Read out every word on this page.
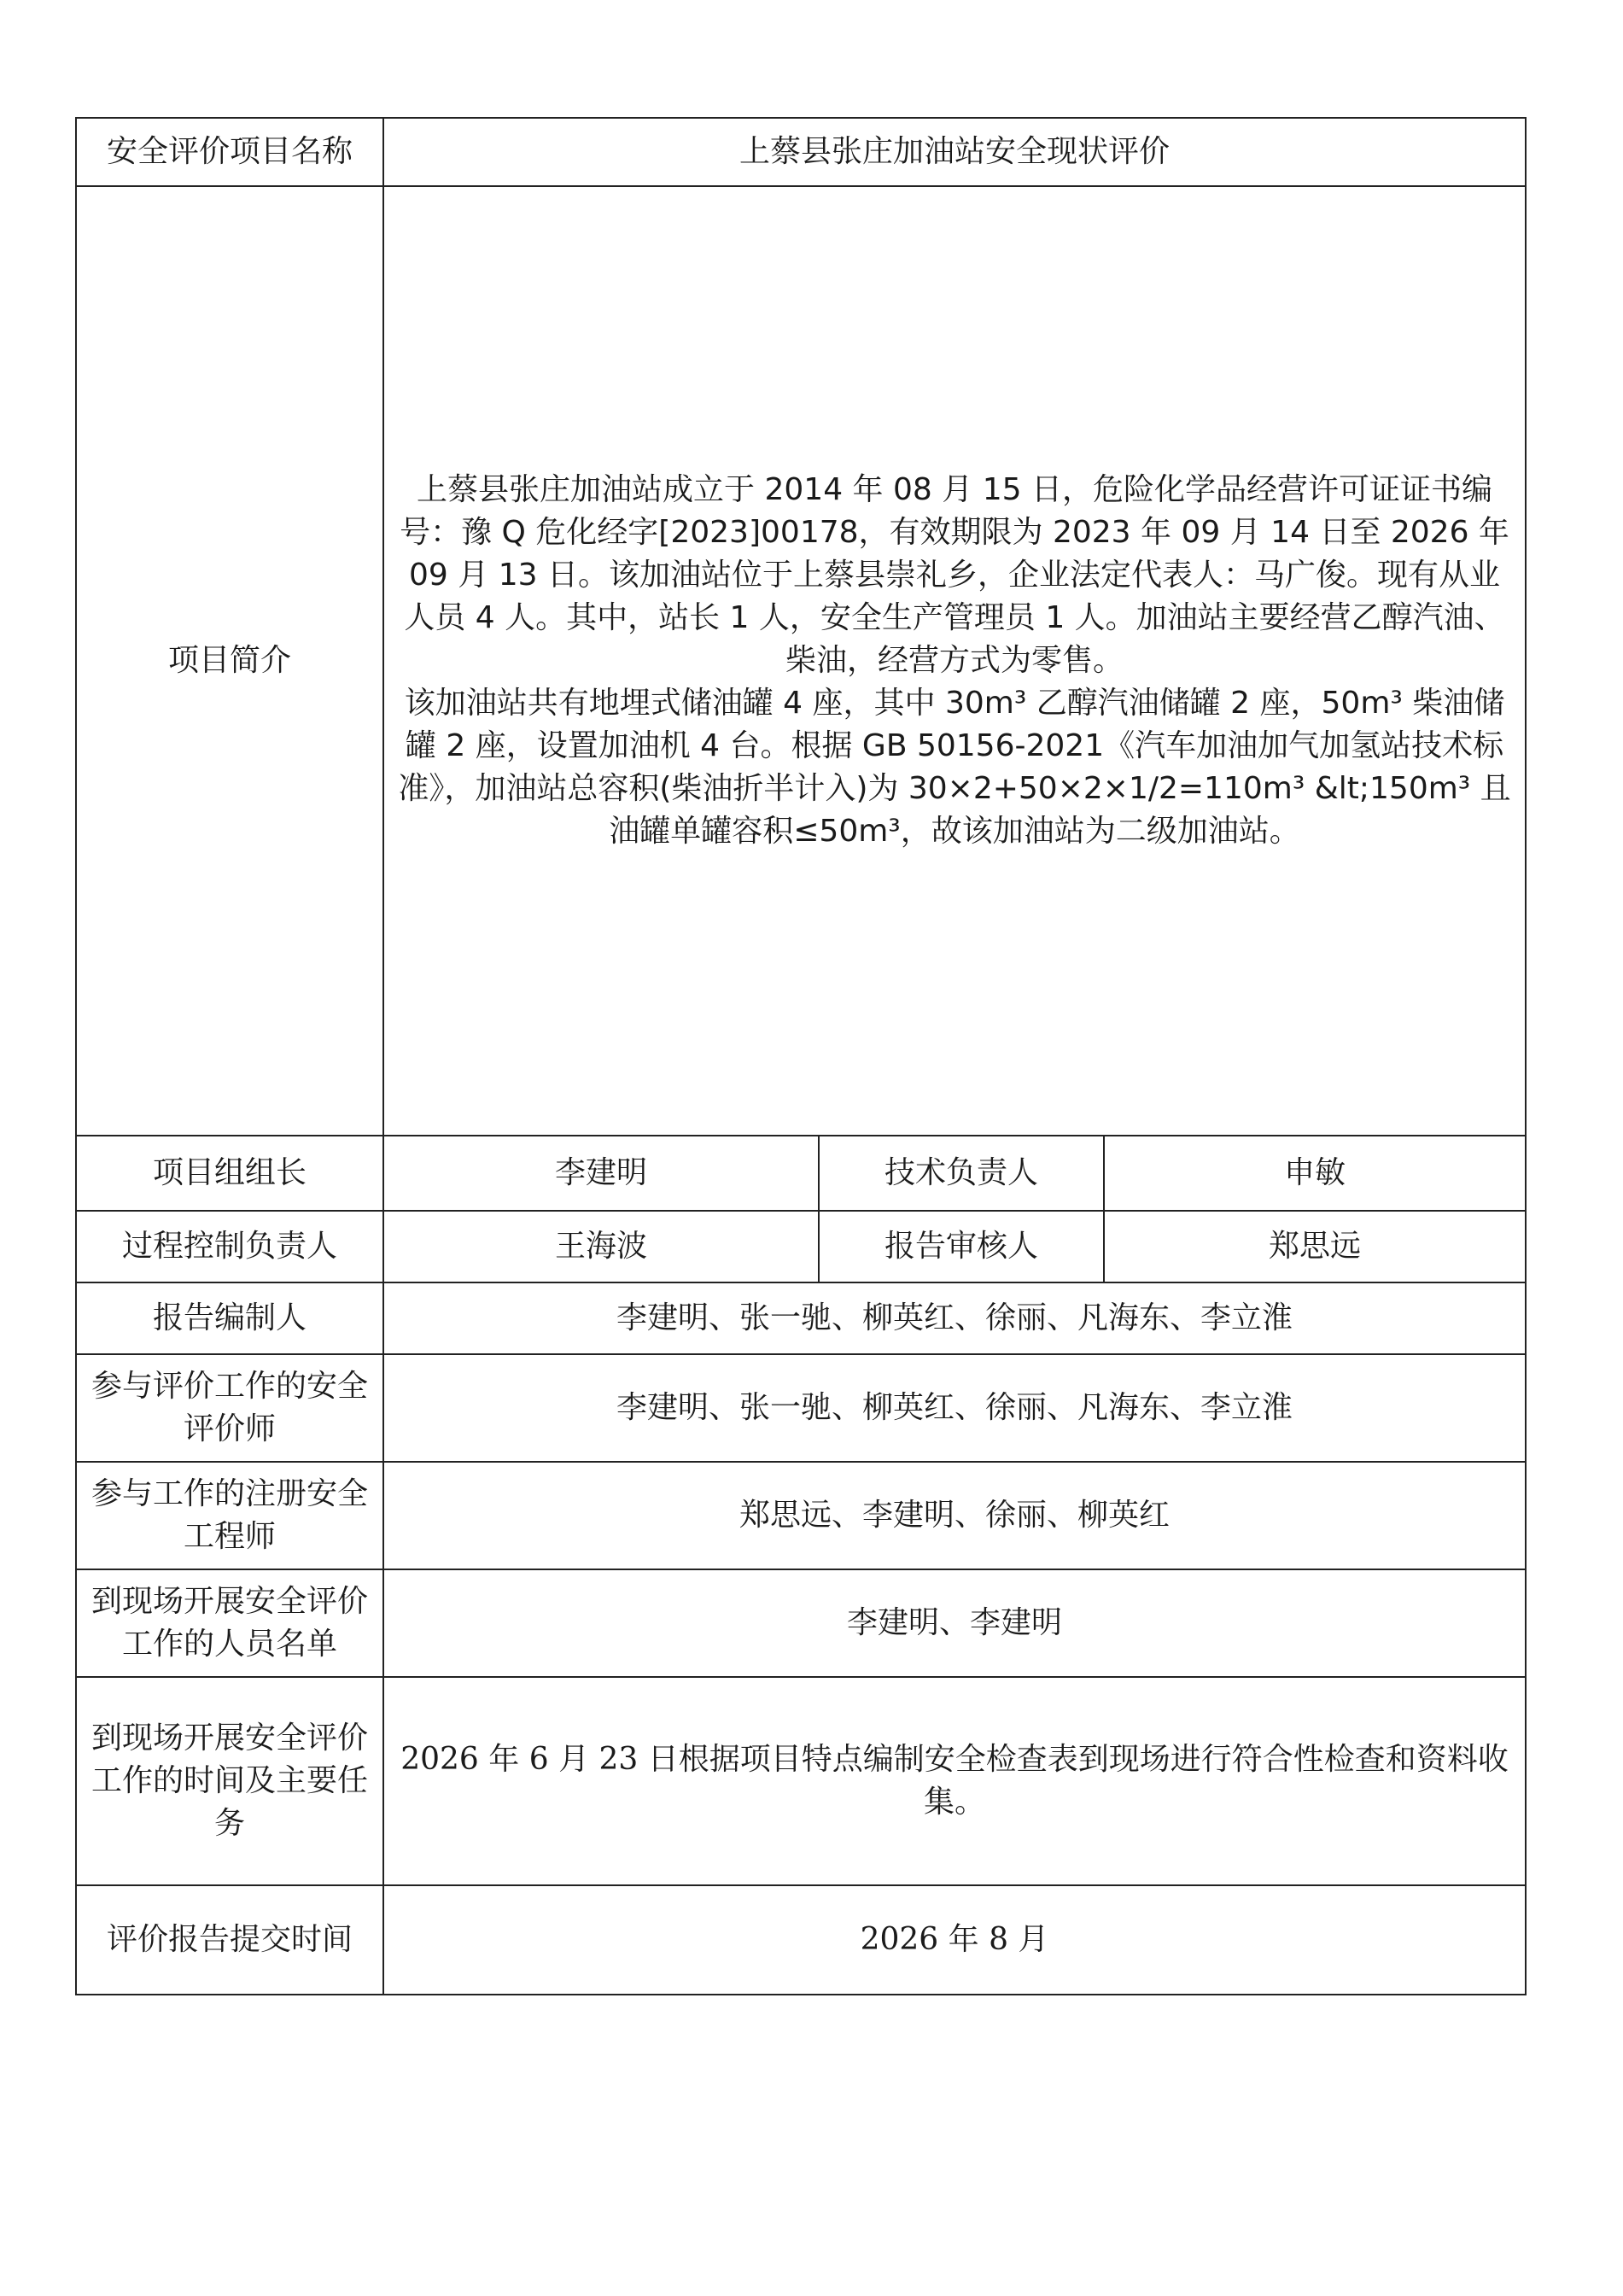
安全评价项目名称	上蔡县张庄加油站安全现状评价		
项目简介	上蔡县张庄加油站成立于 2014 年 08 月 15 日，危险化学品经营许可证证书编号：豫 Q 危化经字[2023]00178，有效期限为 2023 年 09 月 14 日至 2026 年 09 月 13 日。该加油站位于上蔡县崇礼乡，企业法定代表人：马广俊。现有从业人员 4 人。其中，站长 1 人，安全生产管理员 1 人。加油站主要经营乙醇汽油、柴油，经营方式为零售。

该加油站共有地埋式储油罐 4 座，其中 30m³ 乙醇汽油储罐 2 座，50m³ 柴油储罐 2 座，设置加油机 4 台。根据 GB 50156-2021《汽车加油加气加氢站技术标准》，加油站总容积(柴油折半计入)为 30×2+50×2×1/2=110m³ &lt;150m³ 且油罐单罐容积≤50m³，故该加油站为二级加油站。		

项目组组长	李建明	技术负责人	申敏
过程控制负责人	王海波	报告审核人	郑思远
报告编制人	李建明、张一驰、柳英红、徐丽、凡海东、李立淮		
参与评价工作的安全评价师	李建明、张一驰、柳英红、徐丽、凡海东、李立淮		
参与工作的注册安全工程师	郑思远、李建明、徐丽、柳英红		
到现场开展安全评价工作的人员名单	李建明、李建明		
到现场开展安全评价工作的时间及主要任务	2026 年 6 月 23 日根据项目特点编制安全检查表到现场进行符合性检查和资料收集。		
评价报告提交时间	2026 年 8 月		
